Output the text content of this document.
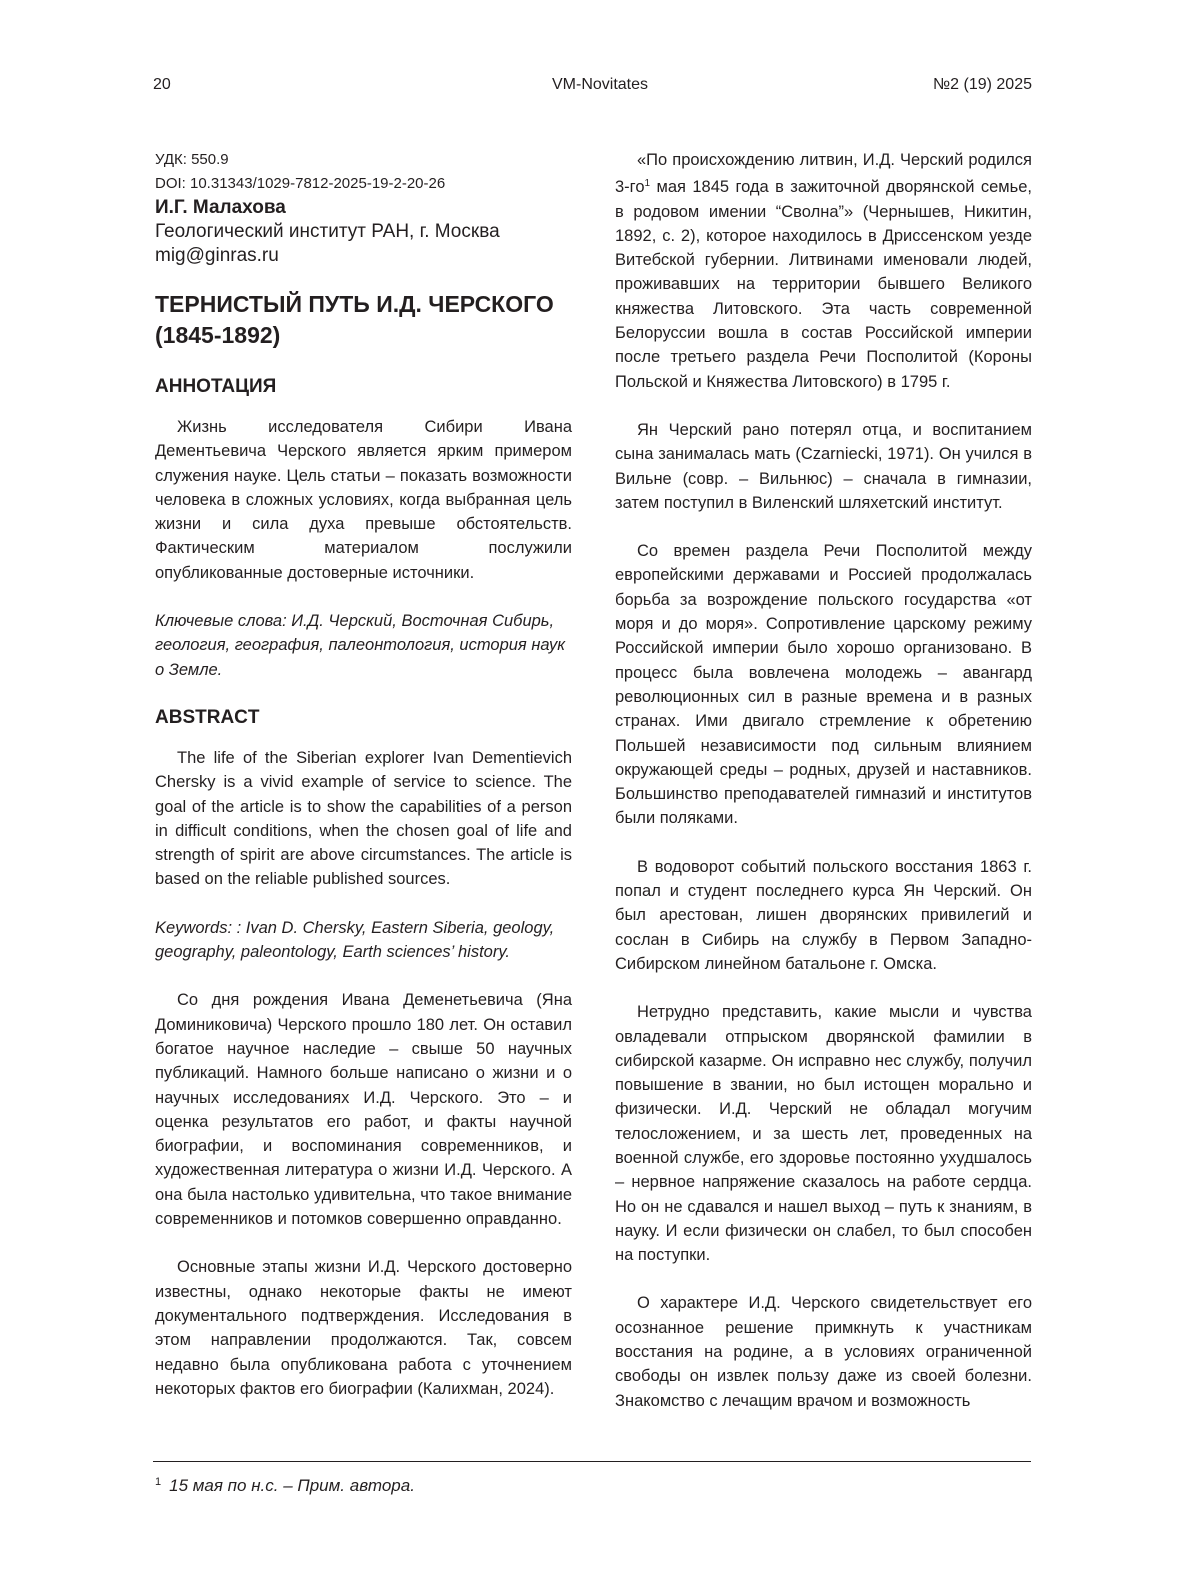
20	VM-Novitates	№2 (19) 2025
УДК: 550.9
DOI: 10.31343/1029-7812-2025-19-2-20-26
И.Г. Малахова
Геологический институт РАН, г. Москва
mig@ginras.ru
ТЕРНИСТЫЙ ПУТЬ И.Д. ЧЕРСКОГО
(1845-1892)
АННОТАЦИЯ

Жизнь исследователя Сибири Ивана Дементьевича Черского является ярким примером служения науке. Цель статьи – показать возможности человека в сложных условиях, когда выбранная цель жизни и сила духа превыше обстоятельств. Фактическим материалом послужили опубликованные достоверные источники.

Ключевые слова: И.Д. Черский, Восточная Сибирь, геология, география, палеонтология, история наук о Земле.

ABSTRACT

The life of the Siberian explorer Ivan Dementievich Chersky is a vivid example of service to science. The goal of the article is to show the capabilities of a person in difficult conditions, when the chosen goal of life and strength of spirit are above circumstances. The article is based on the reliable published sources.

Keywords: : Ivan D. Chersky, Eastern Siberia, geology, geography, paleontology, Earth sciences’ history.

Со дня рождения Ивана Деменетьевича (Яна Доминиковича) Черского прошло 180 лет. Он оставил богатое научное наследие – свыше 50 научных публикаций. Намного больше написано о жизни и о научных исследованиях И.Д. Черского. Это – и оценка результатов его работ, и факты научной биографии, и воспоминания современников, и художественная литература о жизни И.Д. Черского. А она была настолько удивительна, что такое внимание современников и потомков совершенно оправданно.

Основные этапы жизни И.Д. Черского достоверно известны, однако некоторые факты не имеют документального подтверждения. Исследования в этом направлении продолжаются. Так, совсем недавно была опубликована работа с уточнением некоторых фактов его биографии (Калихман, 2024).

«По происхождению литвин, И.Д. Черский родился 3-го$^1$ мая 1845 года в зажиточной дворянской семье, в родовом имении “Сволна”» (Чернышев, Никитин, 1892, с. 2), которое находилось в Дриссенском уезде Витебской губернии. Литвинами именовали людей, проживавших на территории бывшего Великого княжества Литовского. Эта часть современной Белоруссии вошла в состав Российской империи после третьего раздела Речи Посполитой (Короны Польской и Княжества Литовского) в 1795 г.

Ян Черский рано потерял отца, и воспитанием сына занималась мать (Czarniecki, 1971). Он учился в Вильне (совр. – Вильнюс) – сначала в гимназии, затем поступил в Виленский шляхетский институт.

Со времен раздела Речи Посполитой между европейскими державами и Россией продолжалась борьба за возрождение польского государства «от моря и до моря». Сопротивление царскому режиму Российской империи было хорошо организовано. В процесс была вовлечена молодежь – авангард революционных сил в разные времена и в разных странах. Ими двигало стремление к обретению Польшей независимости под сильным влиянием окружающей среды – родных, друзей и наставников. Большинство преподавателей гимназий и институтов были поляками.

В водоворот событий польского восстания 1863 г. попал и студент последнего курса Ян Черский. Он был арестован, лишен дворянских привилегий и сослан в Сибирь на службу в Первом Западно-Сибирском линейном батальоне г. Омска.

Нетрудно представить, какие мысли и чувства овладевали отпрыском дворянской фамилии в сибирской казарме. Он исправно нес службу, получил повышение в звании, но был истощен морально и физически. И.Д. Черский не обладал могучим телосложением, и за шесть лет, проведенных на военной службе, его здоровье постоянно ухудшалось – нервное напряжение сказалось на работе сердца. Но он не сдавался и нашел выход – путь к знаниям, в науку. И если физически он слабел, то был способен на поступки.

О характере И.Д. Черского свидетельствует его осознанное решение примкнуть к участникам восстания на родине, а в условиях ограниченной свободы он извлек пользу даже из своей болезни. Знакомство с лечащим врачом и возможность

$^1$ 15 мая по н.с. – Прим. автора.
